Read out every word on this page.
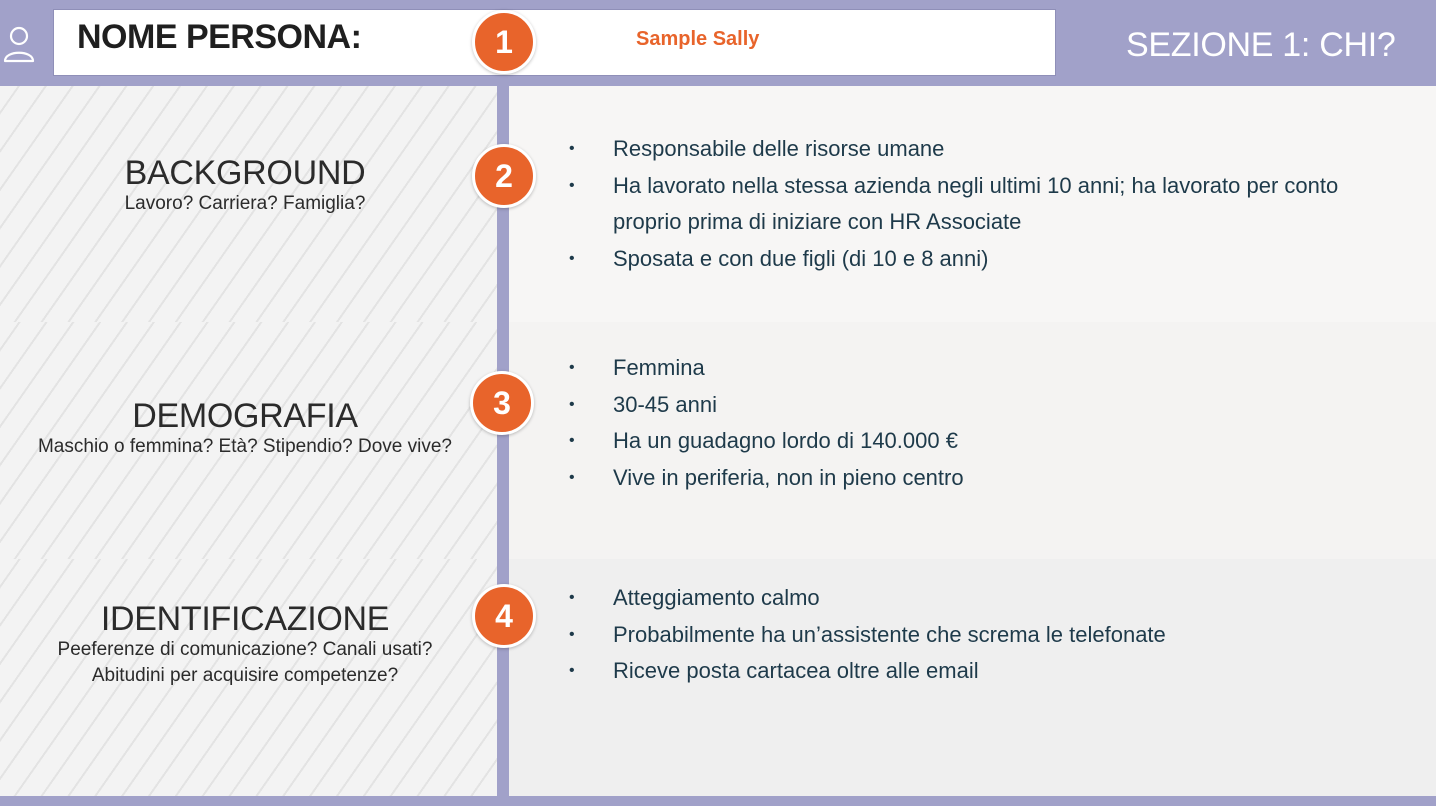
NOME PERSONA:	Sample Sally	SEZIONE 1: CHI?
BACKGROUND
Lavoro? Carriera? Famiglia?
• Responsabile delle risorse umane
• Ha lavorato nella stessa azienda negli ultimi 10 anni; ha lavorato per conto proprio prima di iniziare con HR Associate
• Sposata e con due figli (di 10 e 8 anni)
DEMOGRAFIA
Maschio o femmina? Età? Stipendio? Dove vive?
• Femmina
• 30-45 anni
• Ha un guadagno lordo di 140.000 €
• Vive in periferia, non in pieno centro
IDENTIFICAZIONE
Peeferenze di comunicazione? Canali usati?
Abitudini per acquisire competenze?
• Atteggiamento calmo
• Probabilmente ha un’assistente che screma le telefonate
• Riceve posta cartacea oltre alle email
1
2
3
4
